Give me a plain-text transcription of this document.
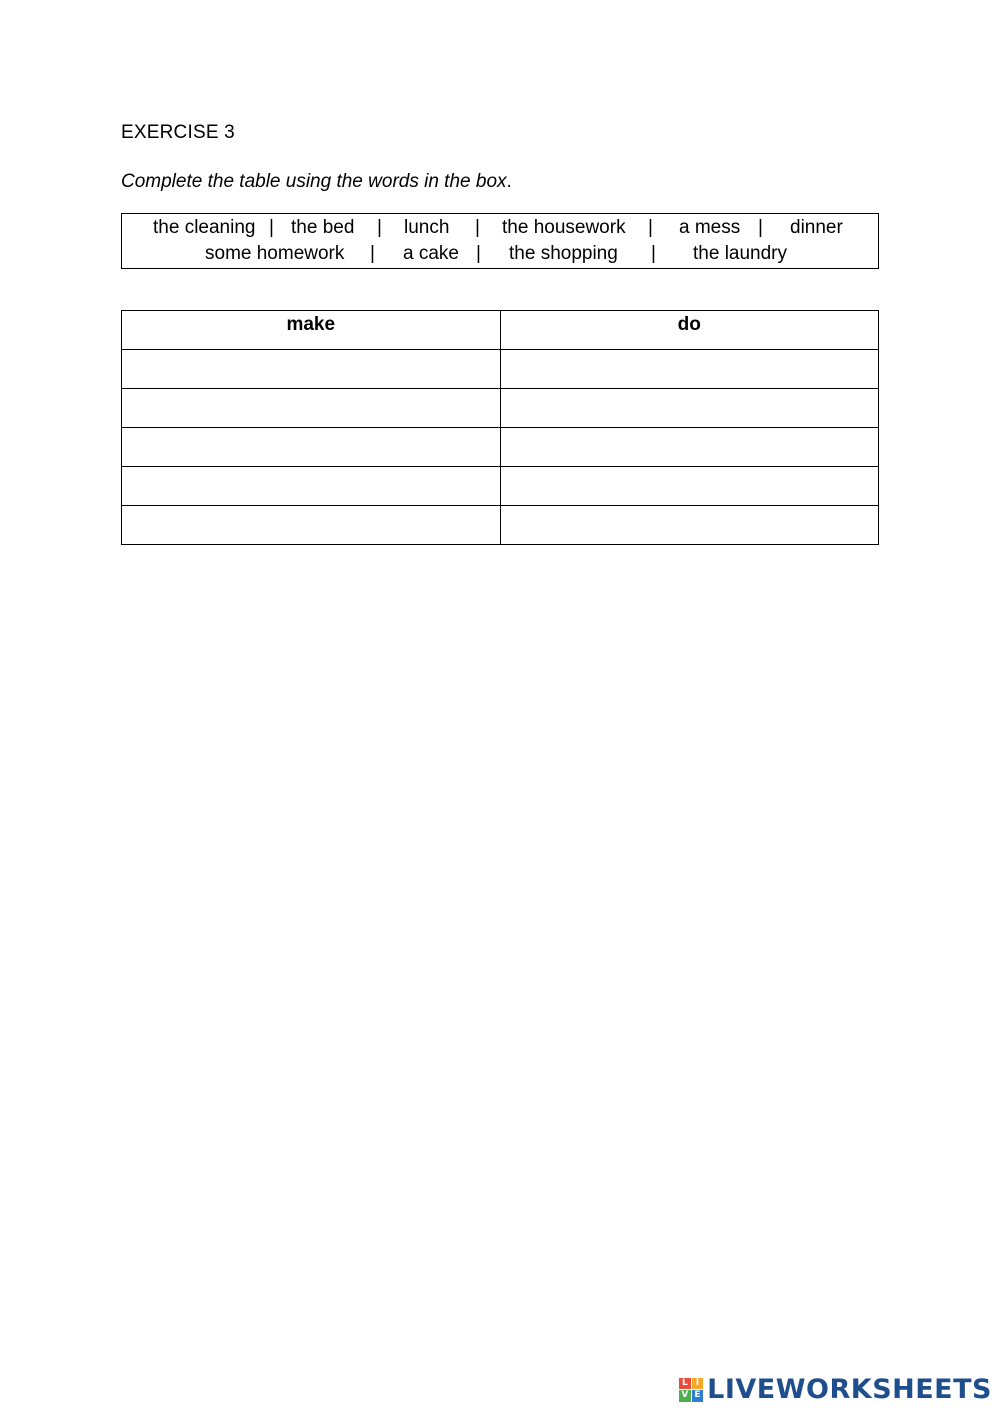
EXERCISE 3
Complete the table using the words in the box.

the cleaning

|

the bed

|

lunch

|

the housework

|

a mess

|

dinner

some homework

|

a cake

|

the shopping

|

the laundry

make	do

L I
V E LIVEWORKSHEETS
